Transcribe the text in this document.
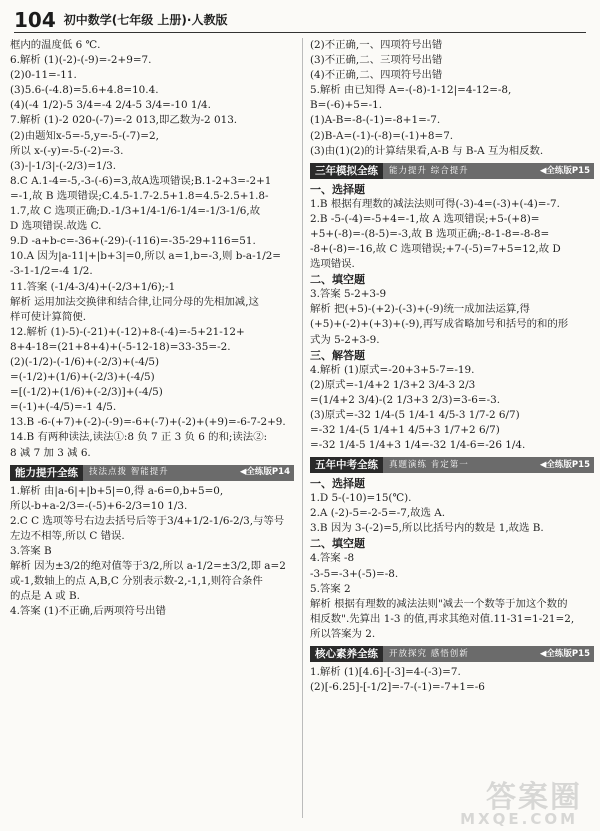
104 初中数学(七年级 上册)·人教版
框内的温度低 6 ℃.
6.解析 (1)(-2)-(-9)=-2+9=7.
(2)0-11=-11.
(3)5.6-(-4.8)=5.6+4.8=10.4.
(4)(-4 1/2)-5 3/4=-4 2/4-5 3/4=-10 1/4.
7.解析 (1)-2 020-(-7)=-2 013,即乙数为-2 013.
(2)由题知x-5=-5,y=-5-(-7)=2,
所以 x-(-y)=-5-(-2)=-3.
(3)-|-1/3|-(-2/3)=1/3.
8.C A.1-4=-5,-3-(-6)=3,故A选项错误;B.1-2+3=-2+1
=-1,故 B 选项错误;C.4.5-1.7-2.5+1.8=4.5-2.5+1.8-
1.7,故 C 选项正确;D.-1/3+1/4-1/6-1/4=-1/3-1/6,故
D 选项错误.故选 C.
9.D -a+b-c=-36+(-29)-(-116)=-35-29+116=51.
10.A 因为|a-11|+|b+3|=0,所以 a=1,b=-3,则 b-a-1/2=
-3-1-1/2=-4 1/2.
11.答案 (-1/4-3/4)+(-2/3+1/6);-1
解析 运用加法交换律和结合律,让同分母的先相加减,这
样可使计算简便.
12.解析 (1)-5)-(-21)+(-12)+8-(-4)=-5+21-12+
8+4-18=(21+8+4)+(-5-12-18)=33-35=-2.
(2)(-1/2)-(-1/6)+(-2/3)+(-4/5)
=(-1/2)+(1/6)+(-2/3)+(-4/5)
=[(-1/2)+(1/6)+(-2/3)]+(-4/5)
=(-1)+(-4/5)=-1 4/5.
13.B -6-(+7)+(-2)-(-9)=-6+(-7)+(-2)+(+9)=-6-7-2+9.
14.B 有两种读法,读法①:8 负 7 正 3 负 6 的和;读法②:
8 减 7 加 3 减 6.
能力提升全练	技法点拨 智能提升	◀全练版P14
1.解析 由|a-6|+|b+5|=0,得 a-6=0,b+5=0,
所以-b+a-2/3=-(-5)+6-2/3=10 1/3.
2.C C 选项等号右边去括号后等于3/4+1/2-1/6-2/3,与等号
左边不相等,所以 C 错误.
3.答案 B
解析 因为±3/2的绝对值等于3/2,所以 a-1/2=±3/2,即 a=2
或-1,数轴上的点 A,B,C 分别表示数-2,-1,1,则符合条件
的点是 A 或 B.
4.答案 (1)不正确,后两项符号出错
(2)不正确,一、四项符号出错
(3)不正确,二、三项符号出错
(4)不正确,二、四项符号出错
5.解析 由已知得 A=-(-8)-1-12|=4-12=-8,
B=(-6)+5=-1.
(1)A-B=-8-(-1)=-8+1=-7.
(2)B-A=(-1)-(-8)=(-1)+8=7.
(3)由(1)(2)的计算结果看,A-B 与 B-A 互为相反数.
三年模拟全练	能力提升 综合提升	◀全练版P15
一、选择题
1.B 根据有理数的减法法则可得(-3)-4=(-3)+(-4)=-7.
2.B -5-(-4)=-5+4=-1,故 A 选项错误;+5-(+8)=
+5+(-8)=-(8-5)=-3,故 B 选项正确;-8-1-8=-8-8=
-8+(-8)=-16,故 C 选项错误;+7-(-5)=7+5=12,故 D
选项错误.
二、填空题
3.答案 5-2+3-9
解析 把(+5)-(+2)-(-3)+(-9)统一成加法运算,得
(+5)+(-2)+(+3)+(-9),再写成省略加号和括号的和的形
式为 5-2+3-9.
三、解答题
4.解析 (1)原式=-20+3+5-7=-19.
(2)原式=-1/4+2 1/3+2 3/4-3 2/3
=(1/4+2 3/4)-(2 1/3+3 2/3)=3-6=-3.
(3)原式=-32 1/4-(5 1/4-1 4/5-3 1/7-2 6/7)
=-32 1/4-(5 1/4+1 4/5+3 1/7+2 6/7)
=-32 1/4-5 1/4+3 1/4=-32 1/4-6=-26 1/4.
五年中考全练	真题演练 肯定第一	◀全练版P15
一、选择题
1.D 5-(-10)=15(℃).
2.A (-2)-5=-2-5=-7,故选 A.
3.B 因为 3-(-2)=5,所以比括号内的数是 1,故选 B.
二、填空题
4.答案 -8
-3-5=-3+(-5)=-8.
5.答案 2
解析 根据有理数的减法法则"减去一个数等于加这个数的
相反数".先算出 1-3 的值,再求其绝对值.11-31=1-21=2,
所以答案为 2.
核心素养全练	开放探究 感悟创新	◀全练版P15
1.解析 (1)[4.6]-[-3]=4-(-3)=7.
(2)[-6.25]-[-1/2]=-7-(-1)=-7+1=-6
答案圈
MXQE.COM
